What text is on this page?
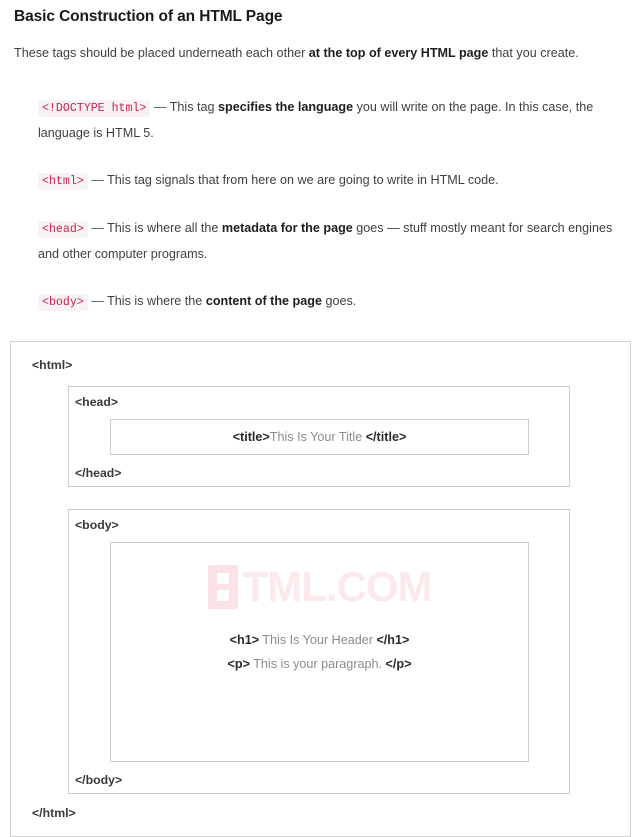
Basic Construction of an HTML Page

These tags should be placed underneath each other at the top of every HTML page that you create.

<!DOCTYPE html> — This tag specifies the language you will write on the page. In this case, the language is HTML 5.

<html> — This tag signals that from here on we are going to write in HTML code.

<head> — This is where all the metadata for the page goes — stuff mostly meant for search engines and other computer programs.

<body> — This is where the content of the page goes.

<html>
<head>
<title>This Is Your Title </title>
</head>
<body>
TML.COM
<h1> This Is Your Header </h1>
<p> This is your paragraph. </p>
</body>
</html>
